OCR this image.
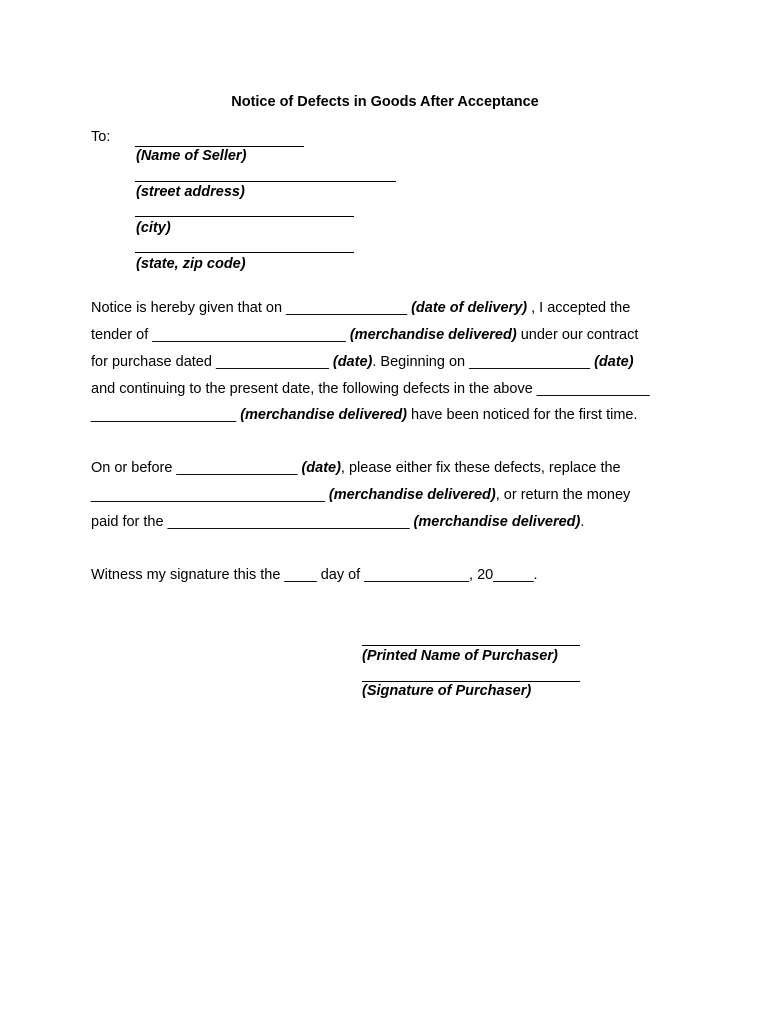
Notice of Defects in Goods After Acceptance
To:
(Name of Seller)
(street address)
(city)
(state, zip code)
Notice is hereby given that on _______________ (date of delivery) , I accepted the
tender of ________________________ (merchandise delivered) under our contract
for purchase dated ______________ (date). Beginning on _______________ (date)
and continuing to the present date, the following defects in the above ______________
__________________ (merchandise delivered) have been noticed for the first time.
On or before _______________ (date), please either fix these defects, replace the
_____________________________ (merchandise delivered), or return the money
paid for the ______________________________ (merchandise delivered).
Witness my signature this the ____ day of _____________, 20_____.
(Printed Name of Purchaser)
(Signature of Purchaser)
